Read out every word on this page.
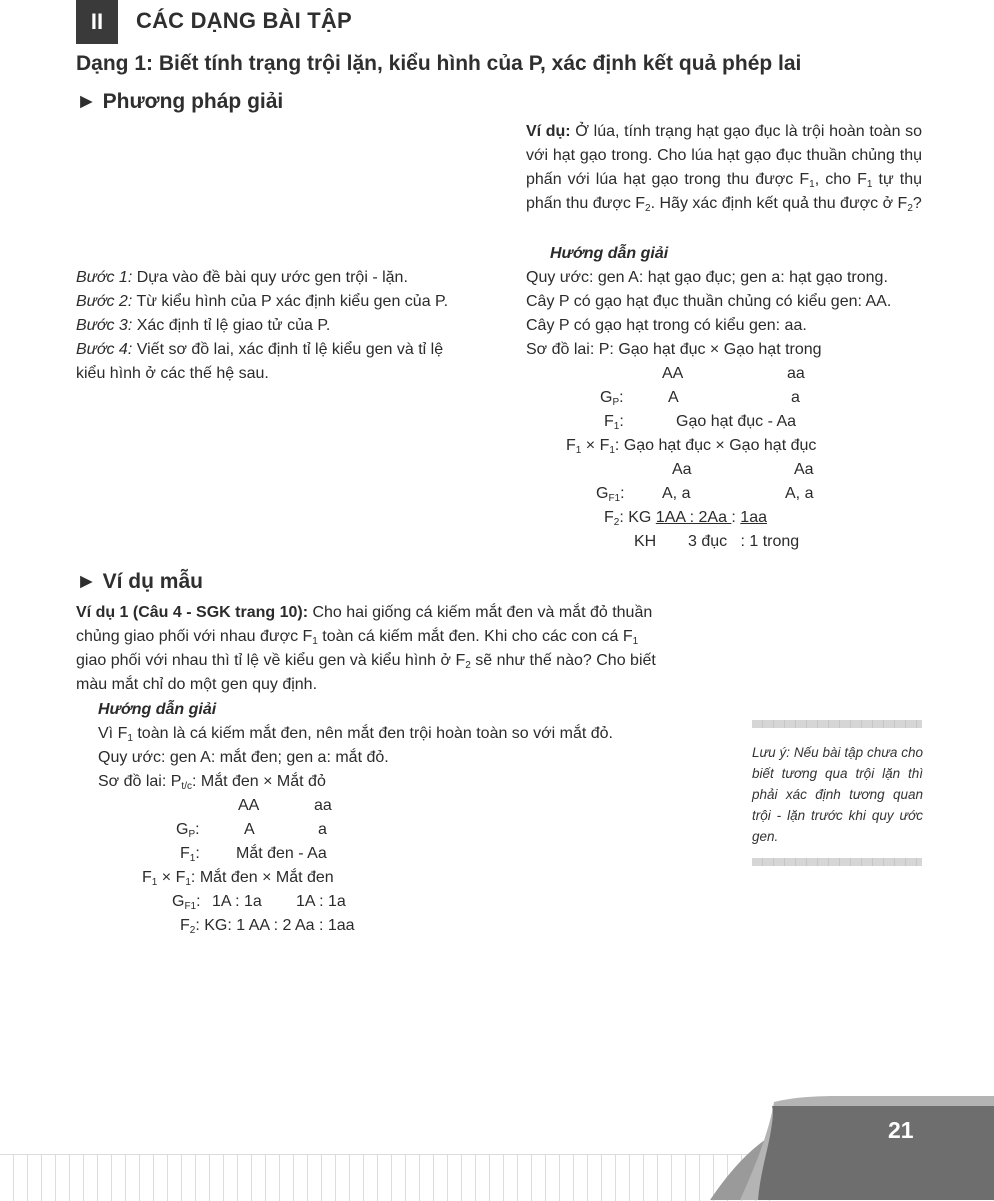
II CÁC DẠNG BÀI TẬP
Dạng 1: Biết tính trạng trội lặn, kiểu hình của P, xác định kết quả phép lai
► Phương pháp giải
Bước 1: Dựa vào đề bài quy ước gen trội - lặn.
Bước 2: Từ kiểu hình của P xác định kiểu gen của P.
Bước 3: Xác định tỉ lệ giao tử của P.
Bước 4: Viết sơ đồ lai, xác định tỉ lệ kiểu gen và tỉ lệ
kiểu hình ở các thế hệ sau.
Ví dụ: Ở lúa, tính trạng hạt gạo đục là trội hoàn toàn so với hạt gạo trong. Cho lúa hạt gạo đục thuần chủng thụ phấn với lúa hạt gạo trong thu được $F_1$, cho $F_1$ tự thụ phấn thu được $F_2$. Hãy xác định kết quả thu được ở $F_2$?
Hướng dẫn giải
Quy ước: gen A: hạt gạo đục; gen a: hạt gạo trong.
Cây P có gạo hạt đục thuần chủng có kiểu gen: AA.
Cây P có gạo hạt trong có kiểu gen: aa.
Sơ đồ lai: P: Gạo hạt đục × Gạo hạt trong
AA	aa
$G_P$:	A	a
$F_1$:	Gạo hạt đục - Aa
$F_1 \times F_1$: Gạo hạt đục × Gạo hạt đục
Aa	Aa
$G_{F1}$: A, a	A, a
$F_2$: KG 1AA : 2Aa : 1aa
KH 3 đục   : 1 trong
► Ví dụ mẫu
Ví dụ 1 (Câu 4 - SGK trang 10): Cho hai giống cá kiếm mắt đen và mắt đỏ thuần
chủng giao phối với nhau được $F_1$ toàn cá kiếm mắt đen. Khi cho các con cá $F_1$
giao phối với nhau thì tỉ lệ về kiểu gen và kiểu hình ở $F_2$ sẽ như thế nào? Cho biết
màu mắt chỉ do một gen quy định.
Hướng dẫn giải
Vì $F_1$ toàn là cá kiếm mắt đen, nên mắt đen trội hoàn toàn so với mắt đỏ.
Quy ước: gen A: mắt đen; gen a: mắt đỏ.
Sơ đồ lai: $P_{t/c}$: Mắt đen × Mắt đỏ
AA	aa
$G_P$:	A	a
$F_1$: Mắt đen - Aa
$F_1 \times F_1$: Mắt đen × Mắt đen
$G_{F1}$: 1A : 1a 1A : 1a
$F_2$: KG: 1 AA : 2 Aa : 1aa
Lưu ý: Nếu bài tập chưa cho biết tương qua trội lặn thì phải xác định tương quan trội - lặn trước khi quy ước gen.
21
